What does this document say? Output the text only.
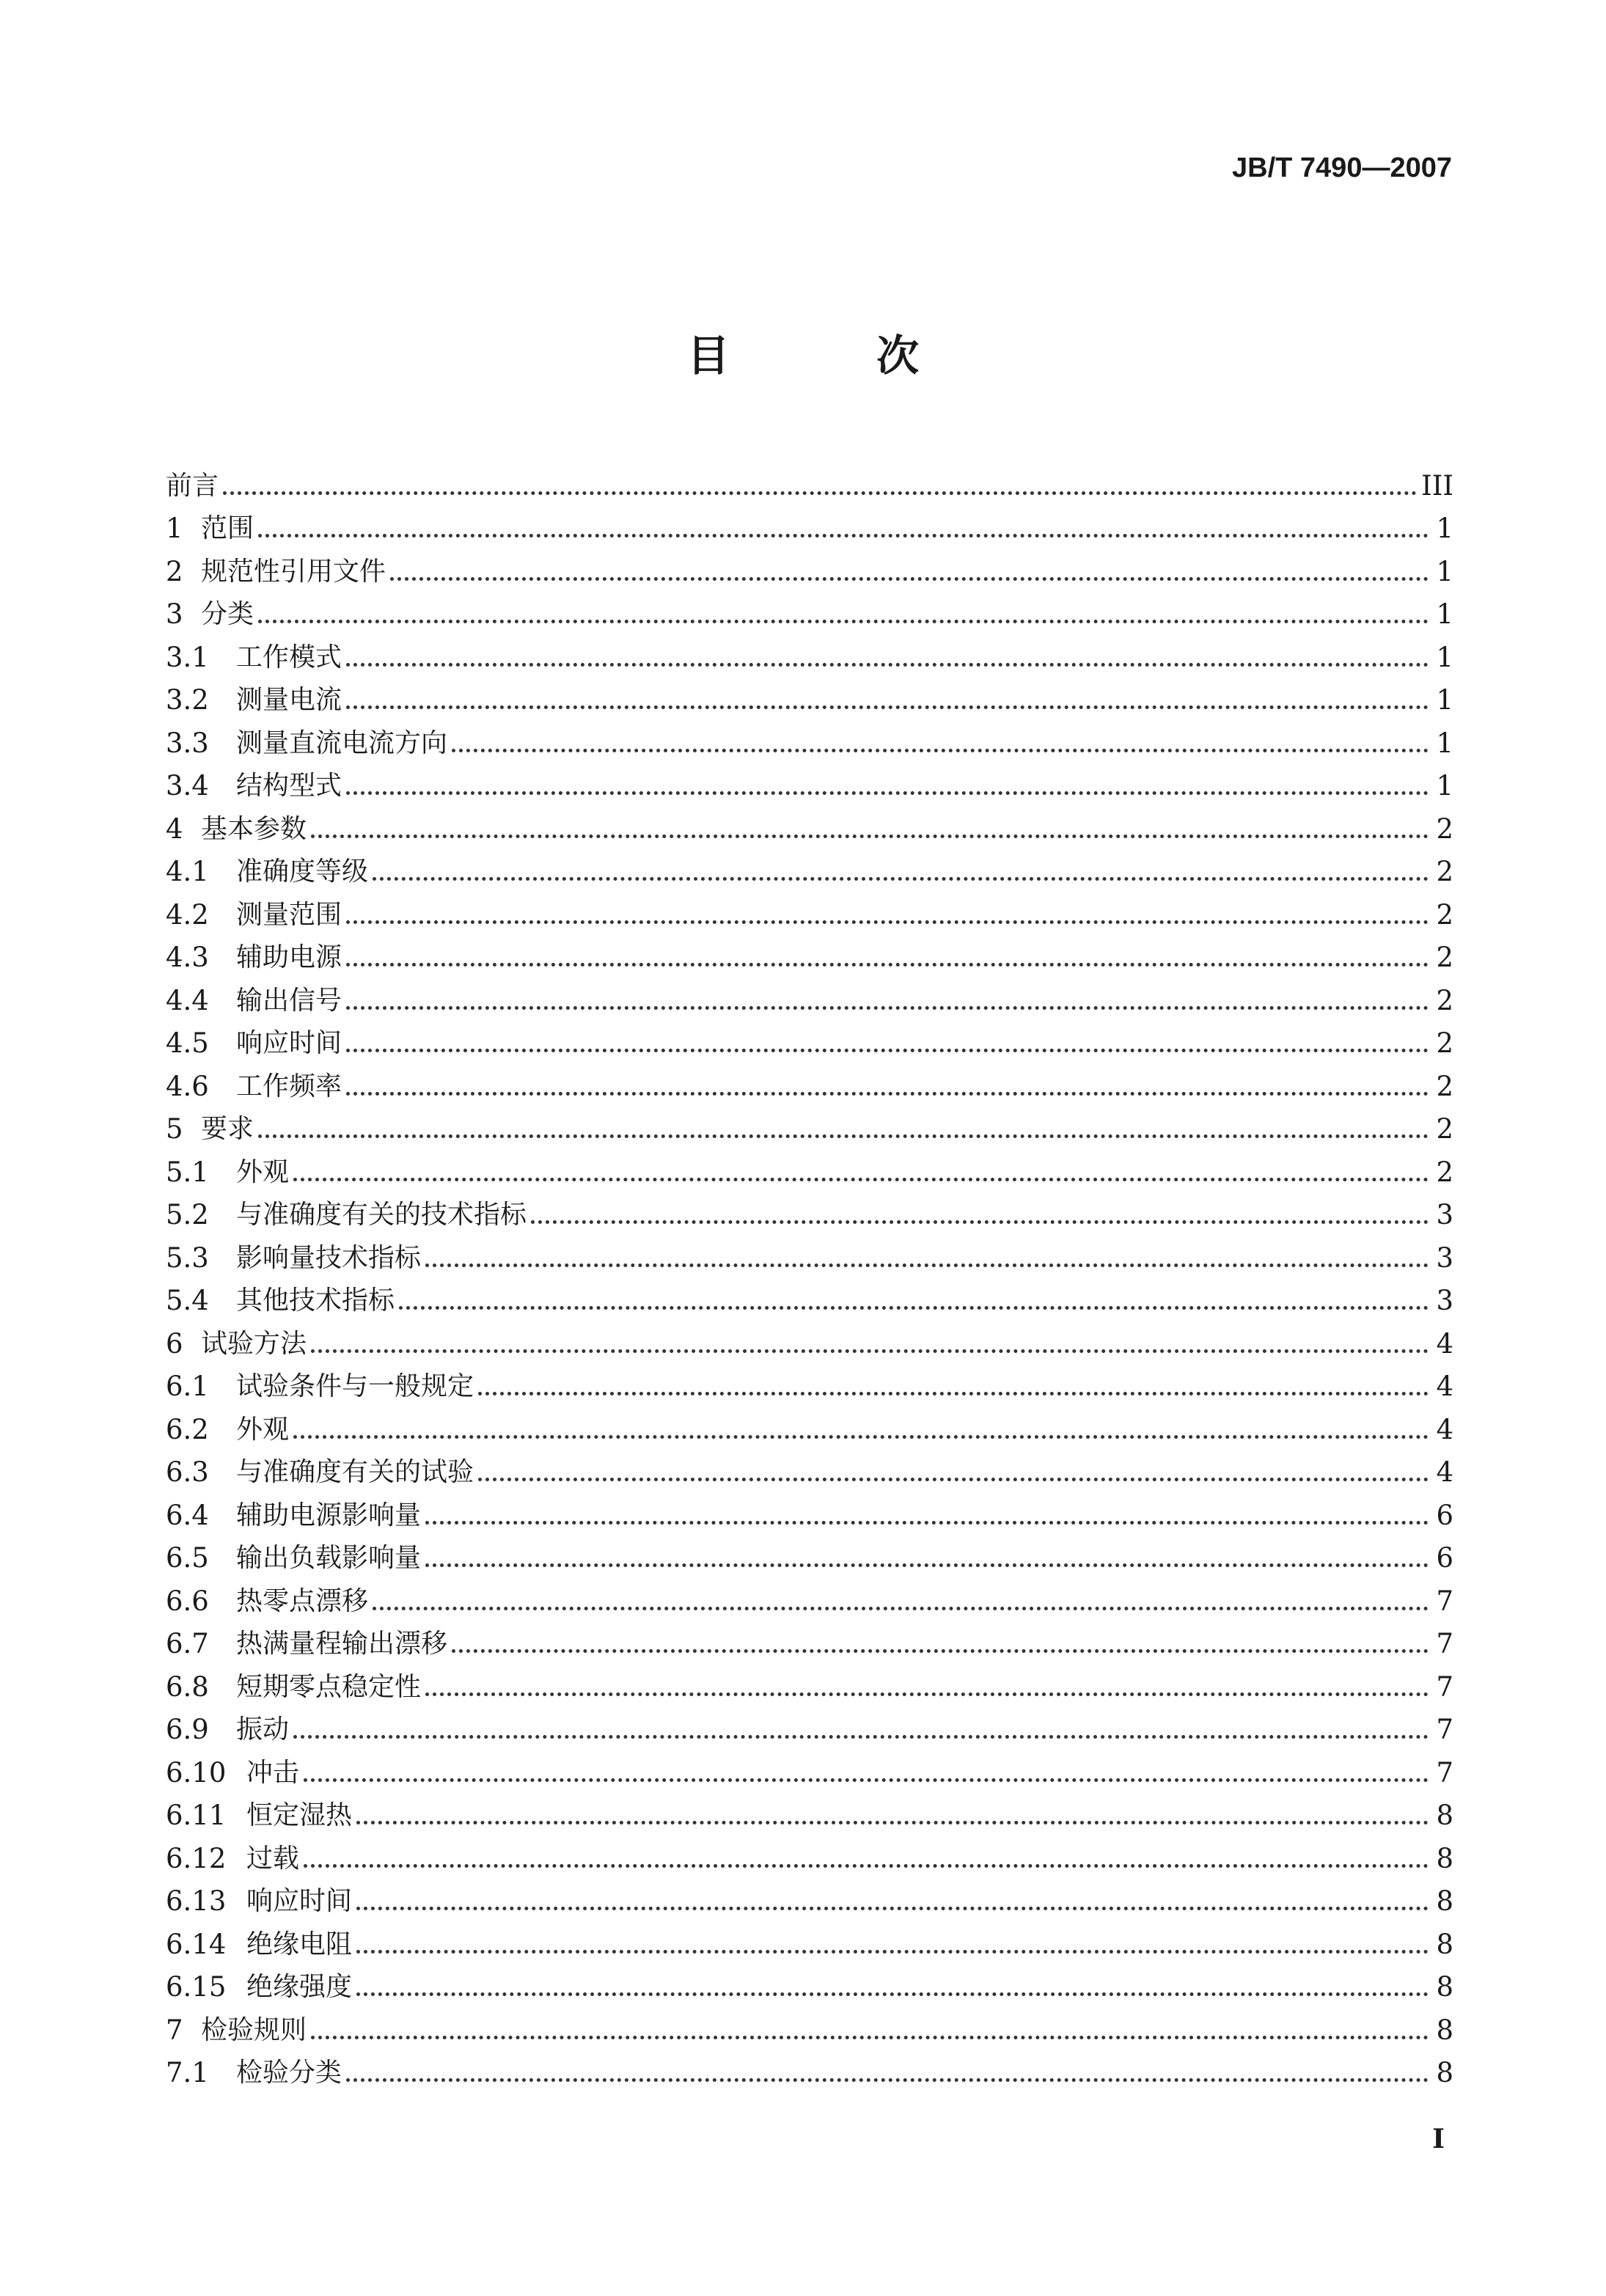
JB/T 7490—2007
目 次
前言	III
1 范围	1
2 规范性引用文件	1
3 分类	1
3.1	工作模式	1
3.2	测量电流	1
3.3	测量直流电流方向	1
3.4	结构型式	1
4 基本参数	2
4.1	准确度等级	2
4.2	测量范围	2
4.3	辅助电源	2
4.4	输出信号	2
4.5	响应时间	2
4.6	工作频率	2
5 要求	2
5.1	外观	2
5.2	与准确度有关的技术指标	3
5.3	影响量技术指标	3
5.4	其他技术指标	3
6 试验方法	4
6.1	试验条件与一般规定	4
6.2	外观	4
6.3	与准确度有关的试验	4
6.4	辅助电源影响量	6
6.5	输出负载影响量	6
6.6	热零点漂移	7
6.7	热满量程输出漂移	7
6.8	短期零点稳定性	7
6.9	振动	7
6.10 冲击	7
6.11 恒定湿热	8
6.12 过载	8
6.13 响应时间	8
6.14 绝缘电阻	8
6.15 绝缘强度	8
7 检验规则	8
7.1	检验分类	8
I
